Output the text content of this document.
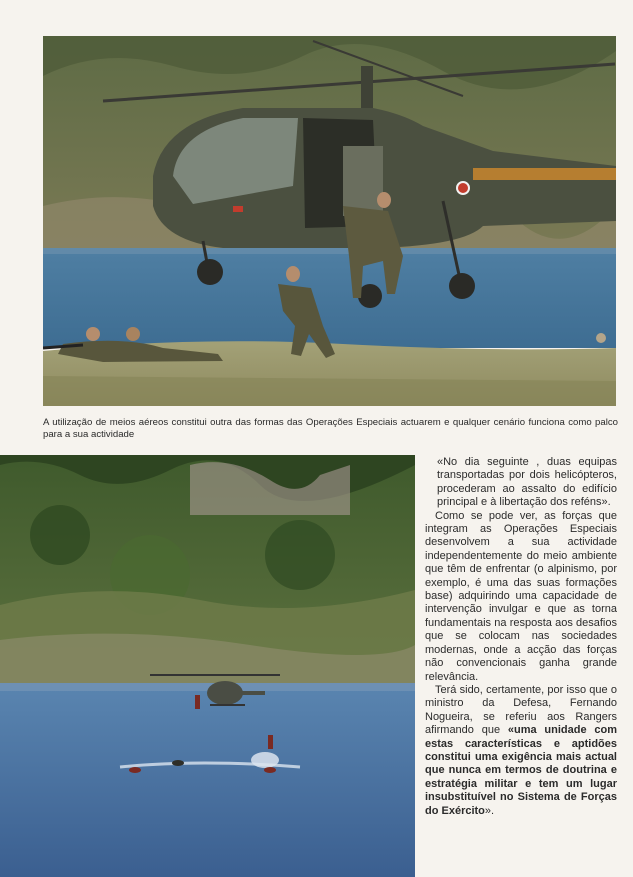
A utilização de meios aéreos constitui outra das formas das Operações Especiais actuarem e qualquer cenário funciona como palco para a sua actividade

«No dia seguinte , duas equipas transportadas por dois helicópteros, procederam ao assalto do edifício principal e à libertação dos reféns».

Como se pode ver, as forças que integram as Operações Especiais desenvolvem a sua actividade independentemente do meio ambiente que têm de enfrentar (o alpinismo, por exemplo, é uma das suas formações base) adquirindo uma capacidade de intervenção invulgar e que as torna fundamentais na resposta aos desafios que se colocam nas sociedades modernas, onde a acção das forças não convencionais ganha grande relevância.

Terá sido, certamente, por isso que o ministro da Defesa, Fernando Nogueira, se referiu aos Rangers afirmando que «uma unidade com estas características e aptidões constitui uma exigência mais actual que nunca em termos de doutrina e estratégia militar e tem um lugar insubstituível no Sistema de Forças do Exército».
